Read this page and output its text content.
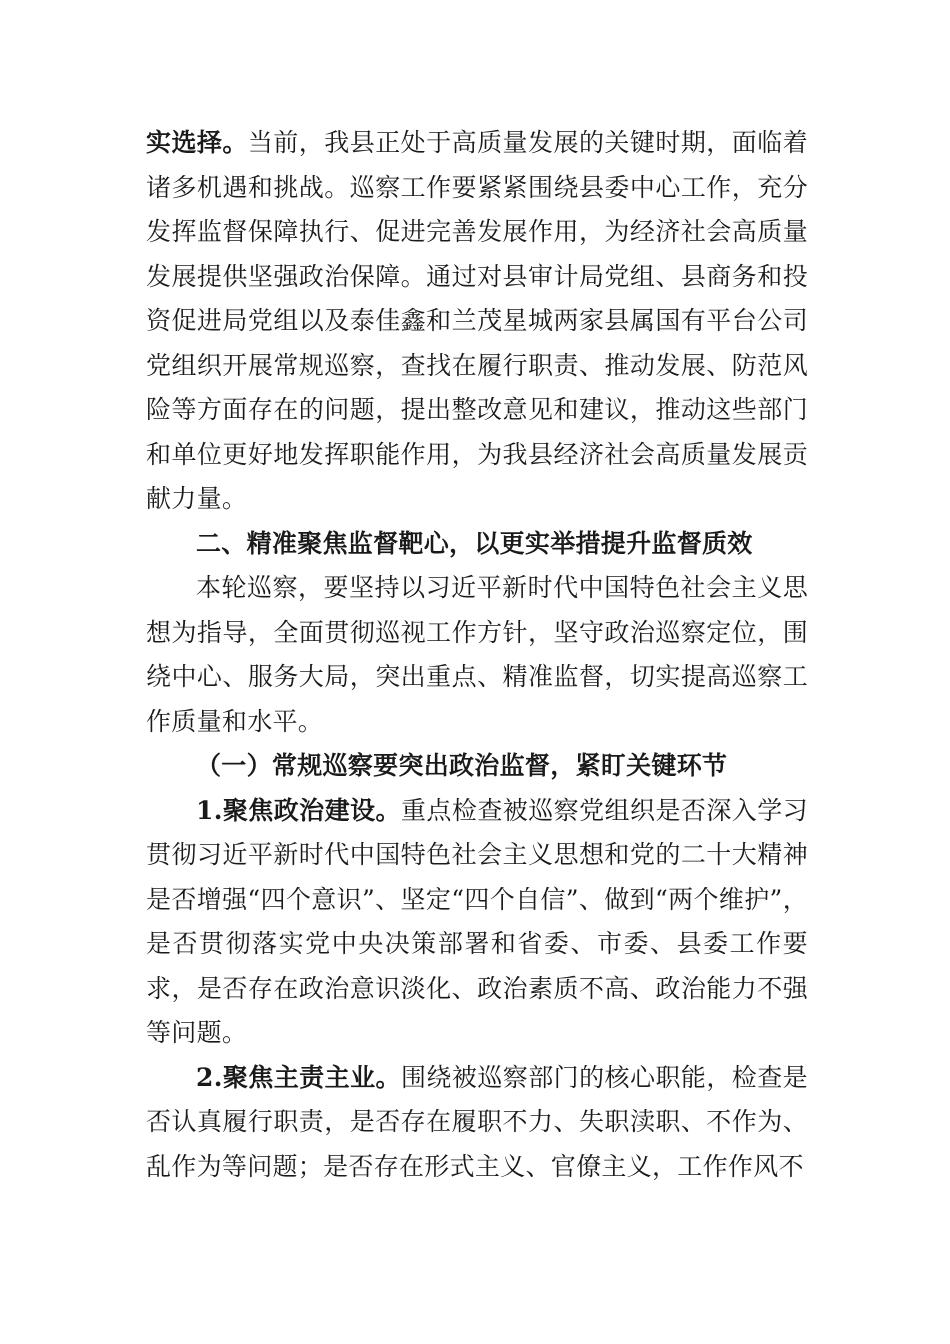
实选择。当前，我县正处于高质量发展的关键时期，面临着诸多机遇和挑战。巡察工作要紧紧围绕县委中心工作，充分发挥监督保障执行、促进完善发展作用，为经济社会高质量发展提供坚强政治保障。通过对县审计局党组、县商务和投资促进局党组以及泰佳鑫和兰茂星城两家县属国有平台公司党组织开展常规巡察，查找在履行职责、推动发展、防范风险等方面存在的问题，提出整改意见和建议，推动这些部门和单位更好地发挥职能作用，为我县经济社会高质量发展贡献力量。

二、精准聚焦监督靶心，以更实举措提升监督质效

本轮巡察，要坚持以习近平新时代中国特色社会主义思想为指导，全面贯彻巡视工作方针，坚守政治巡察定位，围绕中心、服务大局，突出重点、精准监督，切实提高巡察工作质量和水平。

（一）常规巡察要突出政治监督，紧盯关键环节

1.聚焦政治建设。重点检查被巡察党组织是否深入学习贯彻习近平新时代中国特色社会主义思想和党的二十大精神是否增强“四个意识”、坚定“四个自信”、做到“两个维护”，是否贯彻落实党中央决策部署和省委、市委、县委工作要求，是否存在政治意识淡化、政治素质不高、政治能力不强等问题。

2.聚焦主责主业。围绕被巡察部门的核心职能，检查是否认真履行职责，是否存在履职不力、失职渎职、不作为、乱作为等问题；是否存在形式主义、官僚主义，工作作风不
